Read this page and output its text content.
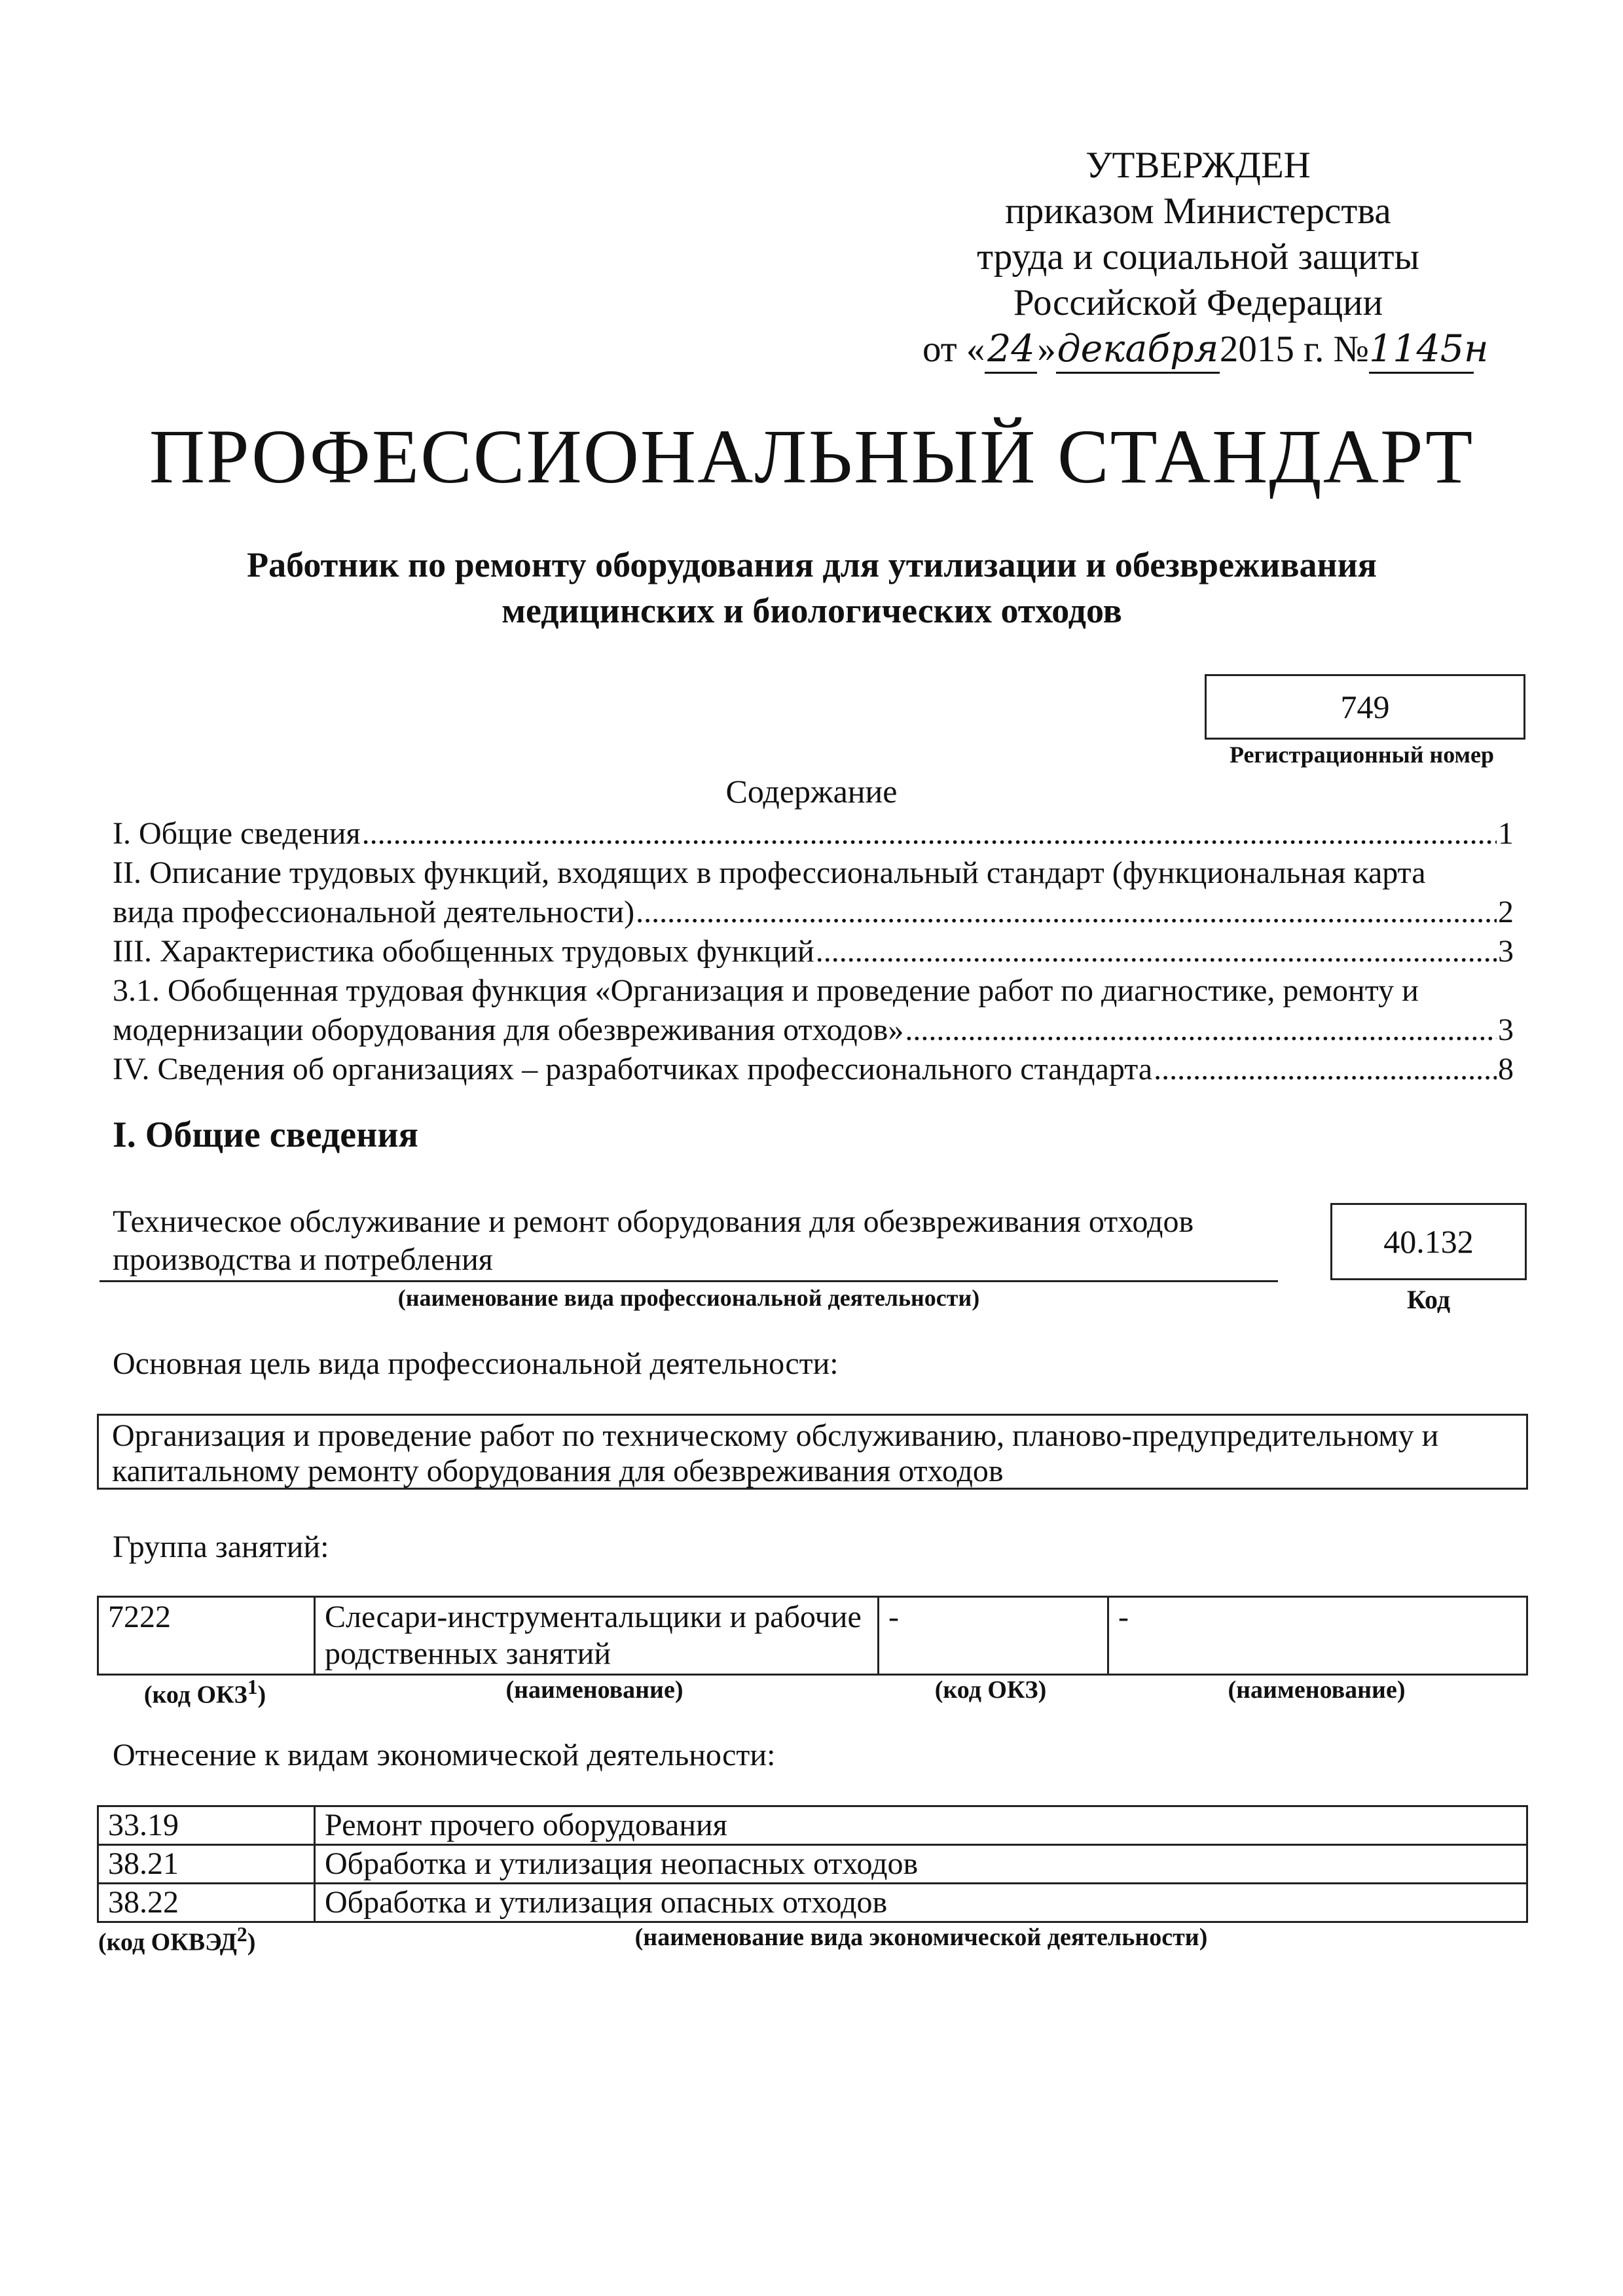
УТВЕРЖДЕН
приказом Министерства
труда и социальной защиты
Российской Федерации
от « 24 » декабря 2015 г. № 1145н
ПРОФЕССИОНАЛЬНЫЙ СТАНДАРТ
Работник по ремонту оборудования для утилизации и обезвреживания медицинских и биологических отходов
749
Регистрационный номер
Содержание
I. Общие сведения .....	1
II. Описание трудовых функций, входящих в профессиональный стандарт (функциональная карта
вида профессиональной деятельности) .....	2
III. Характеристика обобщенных трудовых функций .....	3
3.1. Обобщенная трудовая функция «Организация и проведение работ по диагностике, ремонту и
модернизации оборудования для обезвреживания отходов» .....	3
IV. Сведения об организациях – разработчиках профессионального стандарта .....	8
I. Общие сведения
Техническое обслуживание и ремонт оборудования для обезвреживания отходов
производства и потребления
(наименование вида профессиональной деятельности)
40.132
Код
Основная цель вида профессиональной деятельности:
Организация и проведение работ по техническому обслуживанию, планово-предупредительному и капитальному ремонту оборудования для обезвреживания отходов
Группа занятий:
7222	Слесари-инструментальщики и рабочие родственных занятий	-	-
(код ОКЗ$^1$)	(наименование)	(код ОКЗ)	(наименование)
Отнесение к видам экономической деятельности:
33.19	Ремонт прочего оборудования
38.21	Обработка и утилизация неопасных отходов
38.22	Обработка и утилизация опасных отходов
(код ОКВЭД$^2$)	(наименование вида экономической деятельности)
